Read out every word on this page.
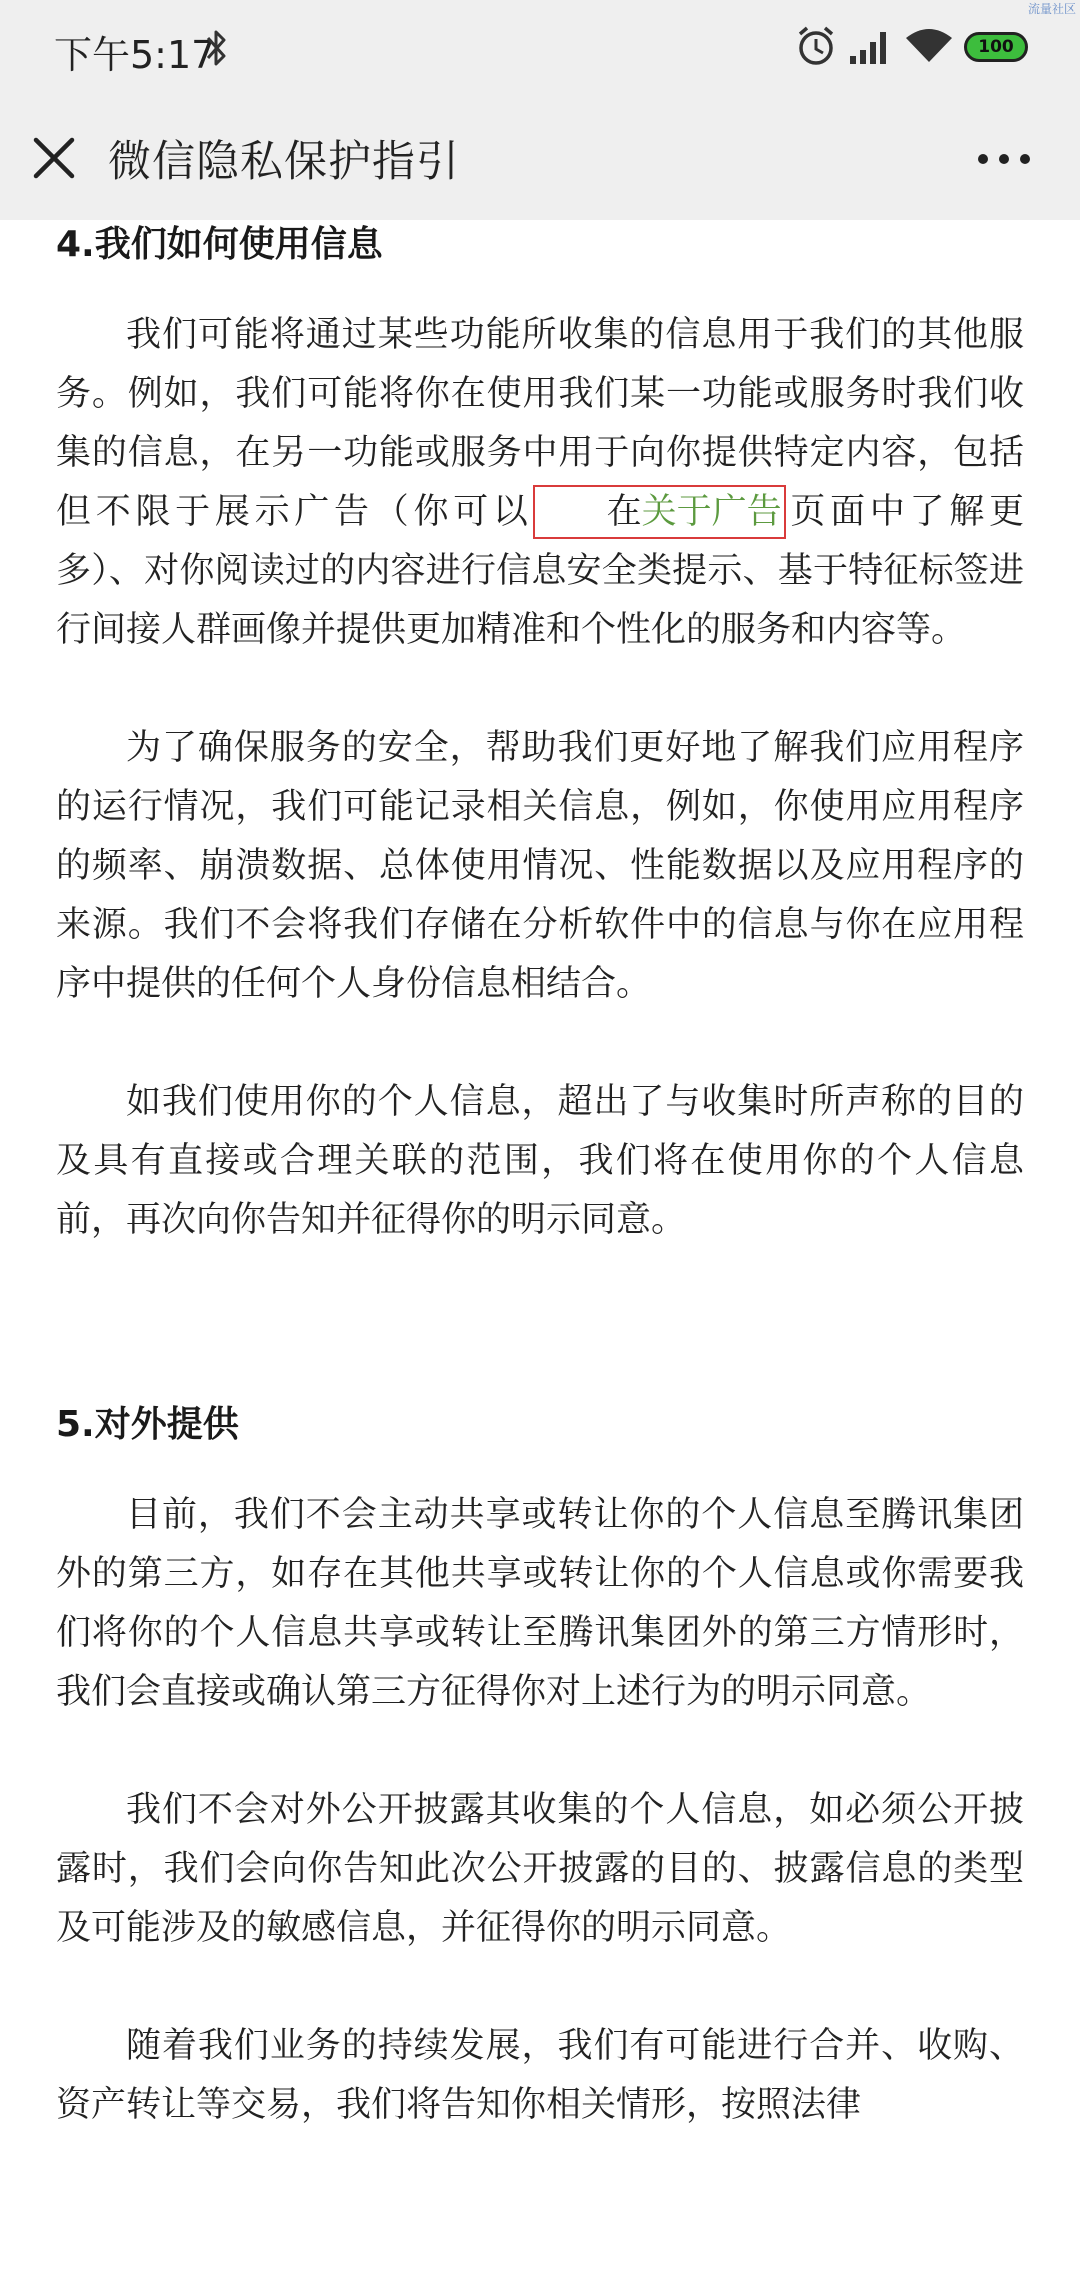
下午5:17	100
流量社区
微信隐私保护指引
4.我们如何使用信息

我们可能将通过某些功能所收集的信息用于我们的其他服务。例如，我们可能将你在使用我们某一功能或服务时我们收集的信息，在另一功能或服务中用于向你提供特定内容，包括但不限于展示广告（你可以 在关于广告 页面中了解更多）、对你阅读过的内容进行信息安全类提示、基于特征标签进行间接人群画像并提供更加精准和个性化的服务和内容等。

为了确保服务的安全，帮助我们更好地了解我们应用程序的运行情况，我们可能记录相关信息，例如，你使用应用程序的频率、崩溃数据、总体使用情况、性能数据以及应用程序的来源。我们不会将我们存储在分析软件中的信息与你在应用程序中提供的任何个人身份信息相结合。

如我们使用你的个人信息，超出了与收集时所声称的目的及具有直接或合理关联的范围，我们将在使用你的个人信息前，再次向你告知并征得你的明示同意。

5.对外提供

目前，我们不会主动共享或转让你的个人信息至腾讯集团外的第三方，如存在其他共享或转让你的个人信息或你需要我们将你的个人信息共享或转让至腾讯集团外的第三方情形时，我们会直接或确认第三方征得你对上述行为的明示同意。

我们不会对外公开披露其收集的个人信息，如必须公开披露时，我们会向你告知此次公开披露的目的、披露信息的类型及可能涉及的敏感信息，并征得你的明示同意。

随着我们业务的持续发展，我们有可能进行合并、收购、资产转让等交易，我们将告知你相关情形，按照法律
